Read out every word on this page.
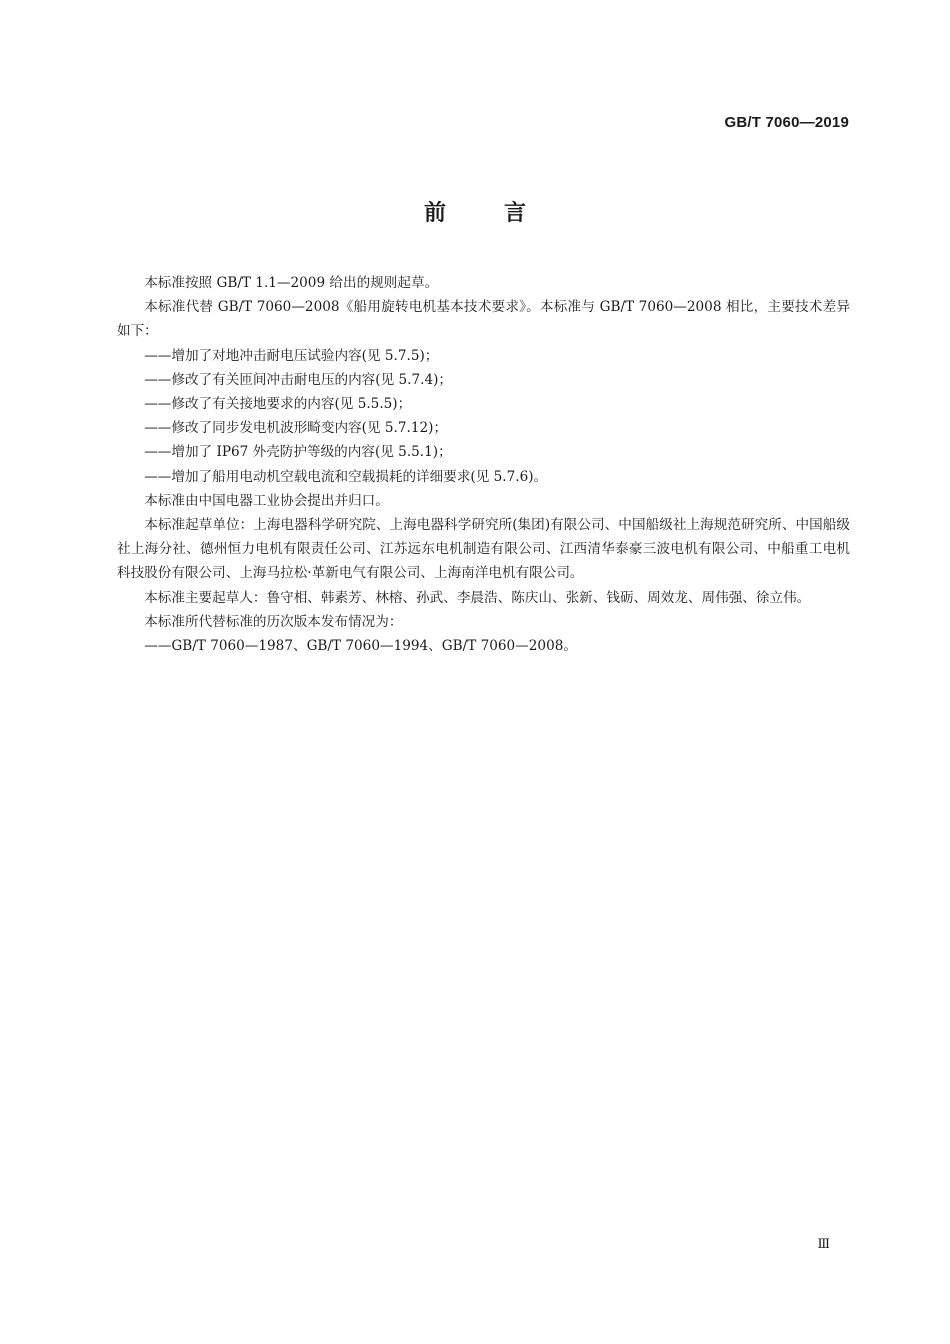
GB/T 7060—2019
前言

本标准按照 GB/T 1.1—2009 给出的规则起草。

本标准代替 GB/T 7060—2008《船用旋转电机基本技术要求》。本标准与 GB/T 7060—2008 相比，主要技术差异如下：

——增加了对地冲击耐电压试验内容(见 5.7.5)；

——修改了有关匝间冲击耐电压的内容(见 5.7.4)；

——修改了有关接地要求的内容(见 5.5.5)；

——修改了同步发电机波形畸变内容(见 5.7.12)；

——增加了 IP67 外壳防护等级的内容(见 5.5.1)；

——增加了船用电动机空载电流和空载损耗的详细要求(见 5.7.6)。

本标准由中国电器工业协会提出并归口。

本标准起草单位：上海电器科学研究院、上海电器科学研究所(集团)有限公司、中国船级社上海规范研究所、中国船级社上海分社、德州恒力电机有限责任公司、江苏远东电机制造有限公司、江西清华泰豪三波电机有限公司、中船重工电机科技股份有限公司、上海马拉松·革新电气有限公司、上海南洋电机有限公司。

本标准主要起草人：鲁守相、韩素芳、林榕、孙武、李晨浩、陈庆山、张新、钱砺、周效龙、周伟强、徐立伟。

本标准所代替标准的历次版本发布情况为：

——GB/T 7060—1987、GB/T 7060—1994、GB/T 7060—2008。

Ⅲ
